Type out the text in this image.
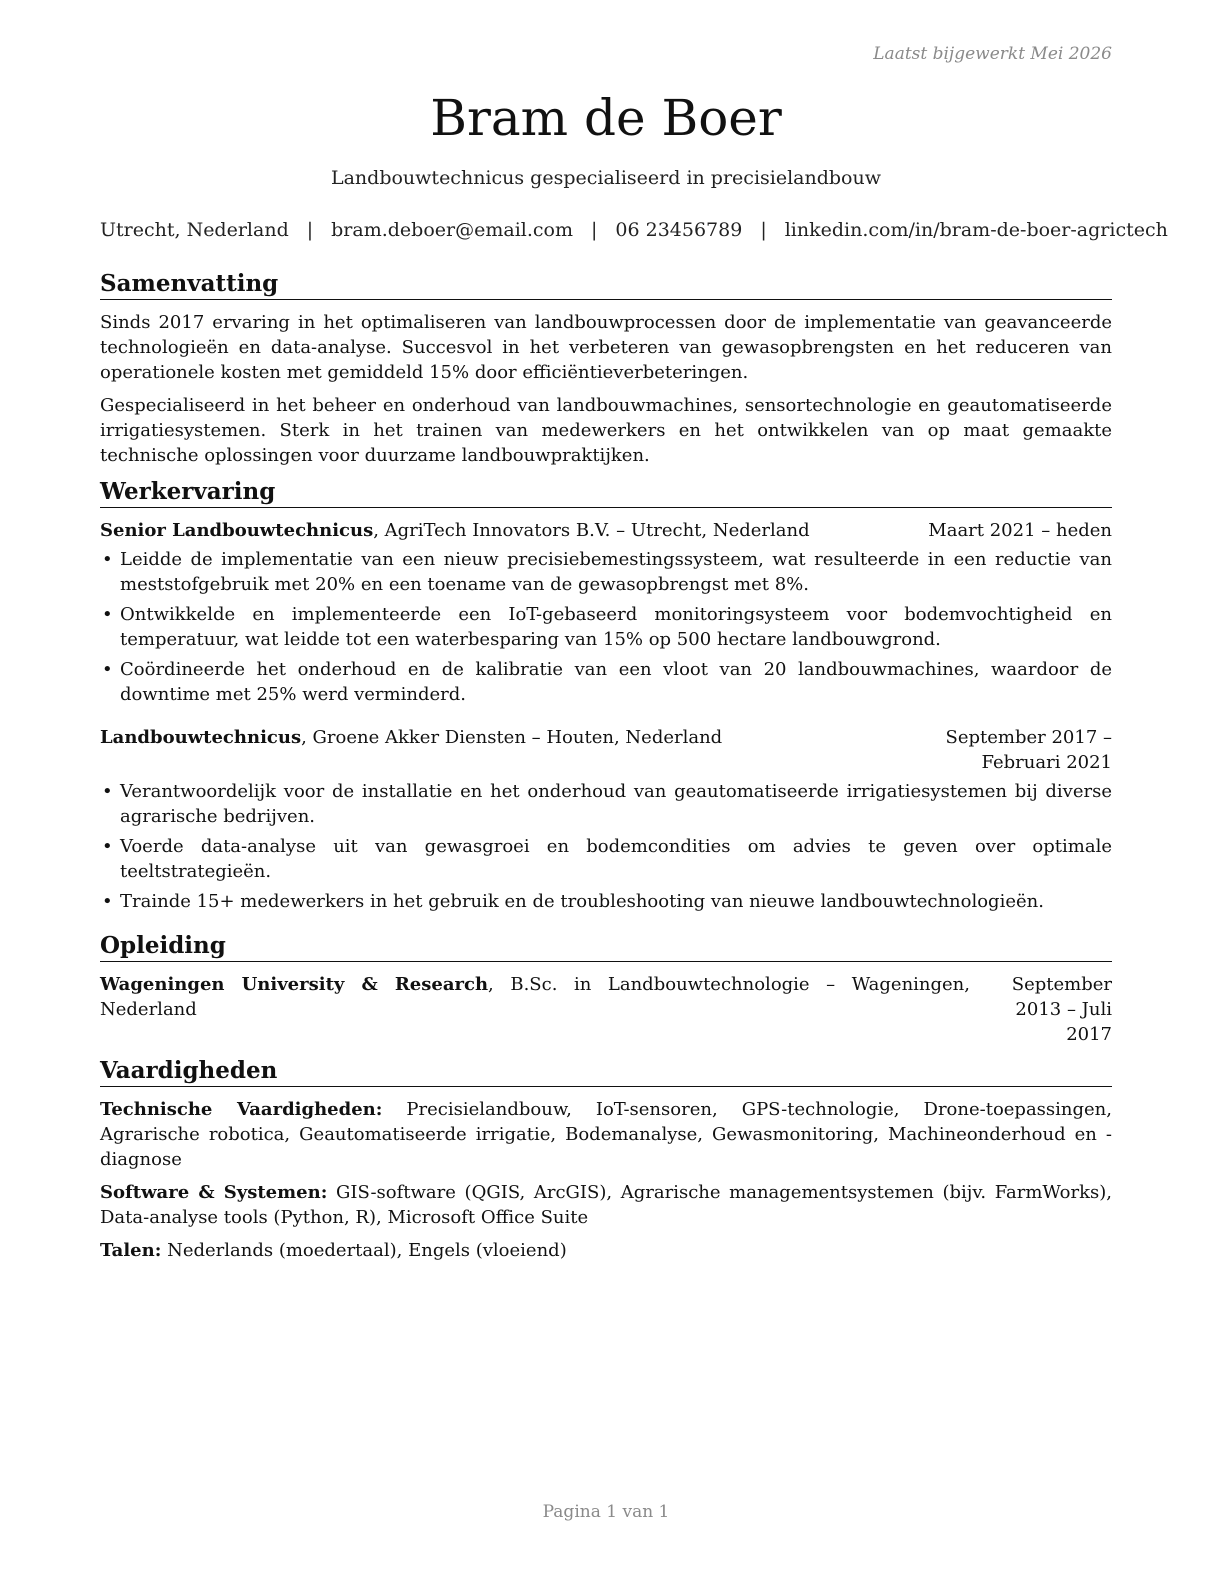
Laatst bijgewerkt Mei 2026
Bram de Boer
Landbouwtechnicus gespecialiseerd in precisielandbouw
Utrecht, Nederland | bram.deboer@email.com | 06 23456789 | linkedin.com/in/bram-de-boer-agrictech
Samenvatting

Sinds 2017 ervaring in het optimaliseren van landbouwprocessen door de implementatie van geavanceerde technologieën en data-analyse. Succesvol in het verbeteren van gewasopbrengsten en het reduceren van operationele kosten met gemiddeld 15% door efficiëntieverbeteringen.

Gespecialiseerd in het beheer en onderhoud van landbouwmachines, sensortechnologie en geautomatiseerde irrigatiesystemen. Sterk in het trainen van medewerkers en het ontwikkelen van op maat gemaakte technische oplossingen voor duurzame landbouwpraktijken.

Werkervaring
Senior Landbouwtechnicus, AgriTech Innovators B.V. – Utrecht, Nederland	Maart 2021 – heden
• Leidde de implementatie van een nieuw precisiebemestingssysteem, wat resulteerde in een reductie van meststofgebruik met 20% en een toename van de gewasopbrengst met 8%.
• Ontwikkelde en implementeerde een IoT-gebaseerd monitoringsysteem voor bodemvochtigheid en temperatuur, wat leidde tot een waterbesparing van 15% op 500 hectare landbouwgrond.
• Coördineerde het onderhoud en de kalibratie van een vloot van 20 landbouwmachines, waardoor de downtime met 25% werd verminderd.
Landbouwtechnicus, Groene Akker Diensten – Houten, Nederland	September 2017 – Februari 2021
• Verantwoordelijk voor de installatie en het onderhoud van geautomatiseerde irrigatiesystemen bij diverse agrarische bedrijven.
• Voerde data-analyse uit van gewasgroei en bodemcondities om advies te geven over optimale teeltstrategieën.
• Trainde 15+ medewerkers in het gebruik en de troubleshooting van nieuwe landbouwtechnologieën.
Opleiding
Wageningen University & Research, B.Sc. in Landbouwtechnologie – Wageningen, Nederland
September 2013 – Juli 2017
Vaardigheden
Technische Vaardigheden: Precisielandbouw, IoT-sensoren, GPS-technologie, Drone-toepassingen, Agrarische robotica, Geautomatiseerde irrigatie, Bodemanalyse, Gewasmonitoring, Machineonderhoud en -diagnose
Software & Systemen: GIS-software (QGIS, ArcGIS), Agrarische managementsystemen (bijv. FarmWorks), Data-analyse tools (Python, R), Microsoft Office Suite
Talen: Nederlands (moedertaal), Engels (vloeiend)
Pagina 1 van 1
